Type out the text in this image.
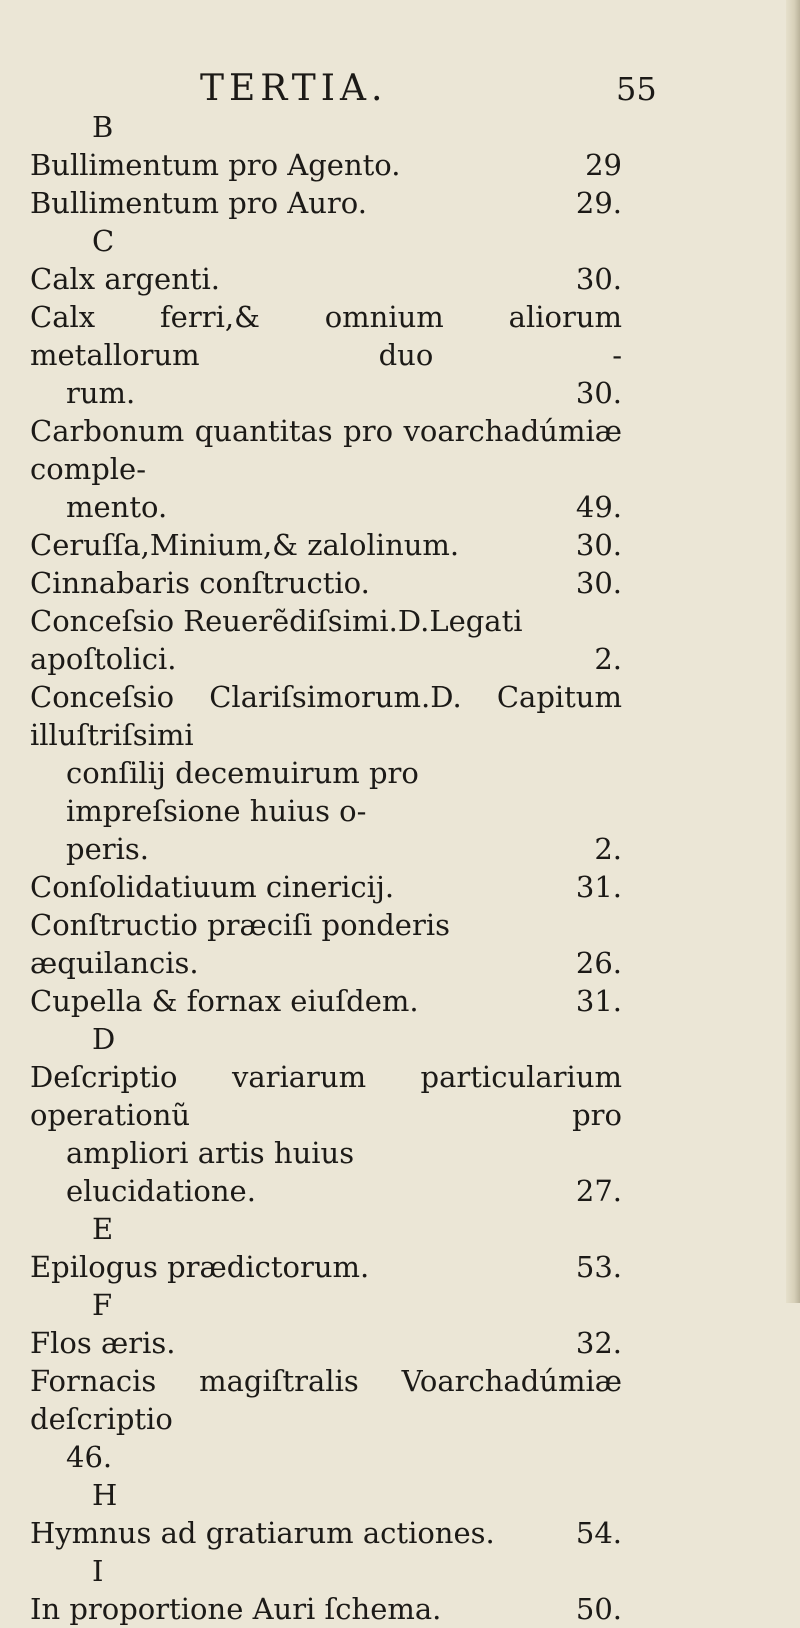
TERTIA.	55
B
Bullimentum pro Agento.	29
Bullimentum pro Auro.	29.
C
Calx argenti.	30.
Calx ferri,& omnium aliorum metallorum duo -
rum.	30.
Carbonum quantitas pro voarchadúmiæ comple-
mento.	49.
Ceruſſa,Minium,& zalolinum.	30.
Cinnabaris conſtructio.	30.
Conceſsio Reuerẽdiſsimi.D.Legati apoſtolici.	2.
Conceſsio Clariſsimorum.D. Capitum illuſtriſsimi
conſilij decemuirum pro impreſsione huius o-
peris.	2.
Conſolidatiuum cinericij.	31.
Conſtructio præciſi ponderis æquilancis.	26.
Cupella & fornax eiuſdem.	31.
D
Deſcriptio variarum particularium operationũ pro
ampliori artis huius elucidatione.	27.
E
Epilogus prædictorum.	53.
F
Flos æris.	32.
Fornacis magiſtralis Voarchadúmiæ deſcriptio
46.
H
Hymnus ad gratiarum actiones.	54.
I
In proportione Auri ſchema.	50.
